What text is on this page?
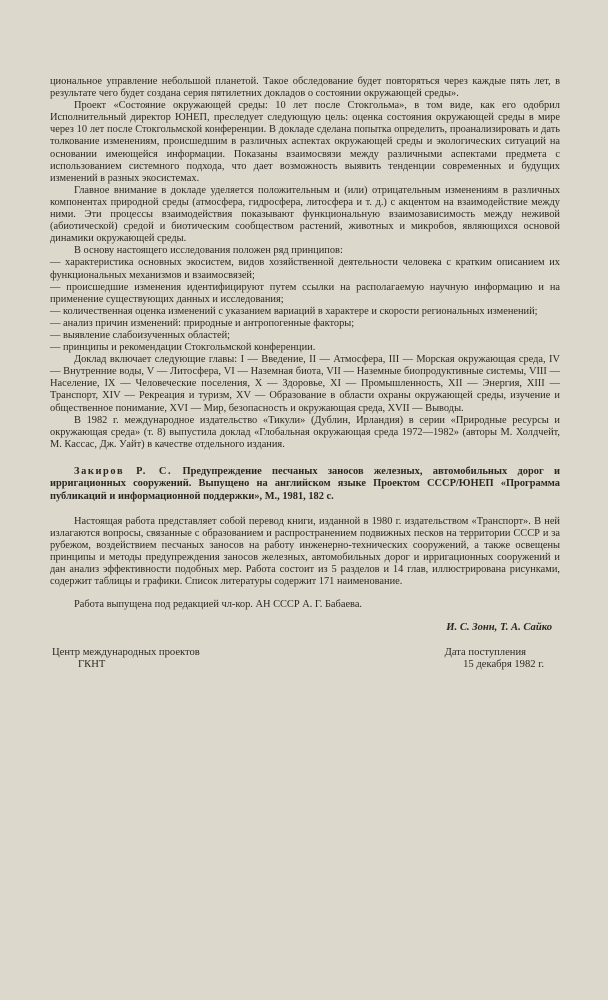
циональное управление небольшой планетой. Такое обследование будет повторяться через каждые пять лет, в результате чего будет создана серия пятилетних докладов о состоянии окружающей среды».

Проект «Состояние окружающей среды: 10 лет после Стокгольма», в том виде, как его одобрил Исполнительный директор ЮНЕП, преследует следующую цель: оценка состояния окружающей среды в мире через 10 лет после Стокгольмской конференции. В докладе сделана попытка определить, проанализировать и дать толкование изменениям, происшедшим в различных аспектах окружающей среды и экологических ситуаций на основании имеющейся информации. Показаны взаимосвязи между различными аспектами предмета с использованием системного подхода, что дает возможность выявить тенденции современных и будущих изменений в разных экосистемах.

Главное внимание в докладе уделяется положительным и (или) отрицательным изменениям в различных компонентах природной среды (атмосфера, гидросфера, литосфера и т. д.) с акцентом на взаимодействие между ними. Эти процессы взаимодействия показывают функциональную взаимозависимость между неживой (абиотической) средой и биотическим сообществом растений, животных и микробов, являющихся основой динамики окружающей среды.

В основу настоящего исследования положен ряд принципов:

— характеристика основных экосистем, видов хозяйственной деятельности человека с кратким описанием их функциональных механизмов и взаимосвязей;

— происшедшие изменения идентифицируют путем ссылки на располагаемую научную информацию и на применение существующих данных и исследования;

— количественная оценка изменений с указанием вариаций в характере и скорости региональных изменений;

— анализ причин изменений: природные и антропогенные факторы;

— выявление слабоизученных областей;

— принципы и рекомендации Стокгольмской конференции.

Доклад включает следующие главы: I — Введение, II — Атмосфера, III — Морская окружающая среда, IV — Внутренние воды, V — Литосфера, VI — Наземная биота, VII — Наземные биопродуктивные системы, VIII — Население, IX — Человеческие поселения, X — Здоровье, XI — Промышленность, XII — Энергия, XIII — Транспорт, XIV — Рекреация и туризм, XV — Образование в области охраны окружающей среды, изучение и общественное понимание, XVI — Мир, безопасность и окружающая среда, XVII — Выводы.

В 1982 г. международное издательство «Тикули» (Дублин, Ирландия) в серии «Природные ресурсы и окружающая среда» (т. 8) выпустила доклад «Глобальная окружающая среда 1972—1982» (авторы М. Холдчейт, М. Кассас, Дж. Уайт) в качестве отдельного издания.

Закиров Р. С. Предупреждение песчаных заносов железных, автомобильных дорог и ирригационных сооружений. Выпущено на английском языке Проектом СССР/ЮНЕП «Программа публикаций и информационной поддержки», М., 1981, 182 с.

Настоящая работа представляет собой перевод книги, изданной в 1980 г. издательством «Транспорт». В ней излагаются вопросы, связанные с образованием и распространением подвижных песков на территории СССР и за рубежом, воздействием песчаных заносов на работу инженерно-технических сооружений, а также освещены принципы и методы предупреждения заносов железных, автомобильных дорог и ирригационных сооружений и дан анализ эффективности подобных мер. Работа состоит из 5 разделов и 14 глав, иллюстрирована рисунками, содержит таблицы и графики. Список литературы содержит 171 наименование.

Работа выпущена под редакцией чл-кор. АН СССР А. Г. Бабаева.

И. С. Зонн, Т. А. Сайко
Центр международных проектов
ГКНТ
Дата поступления
15 декабря 1982 г.
